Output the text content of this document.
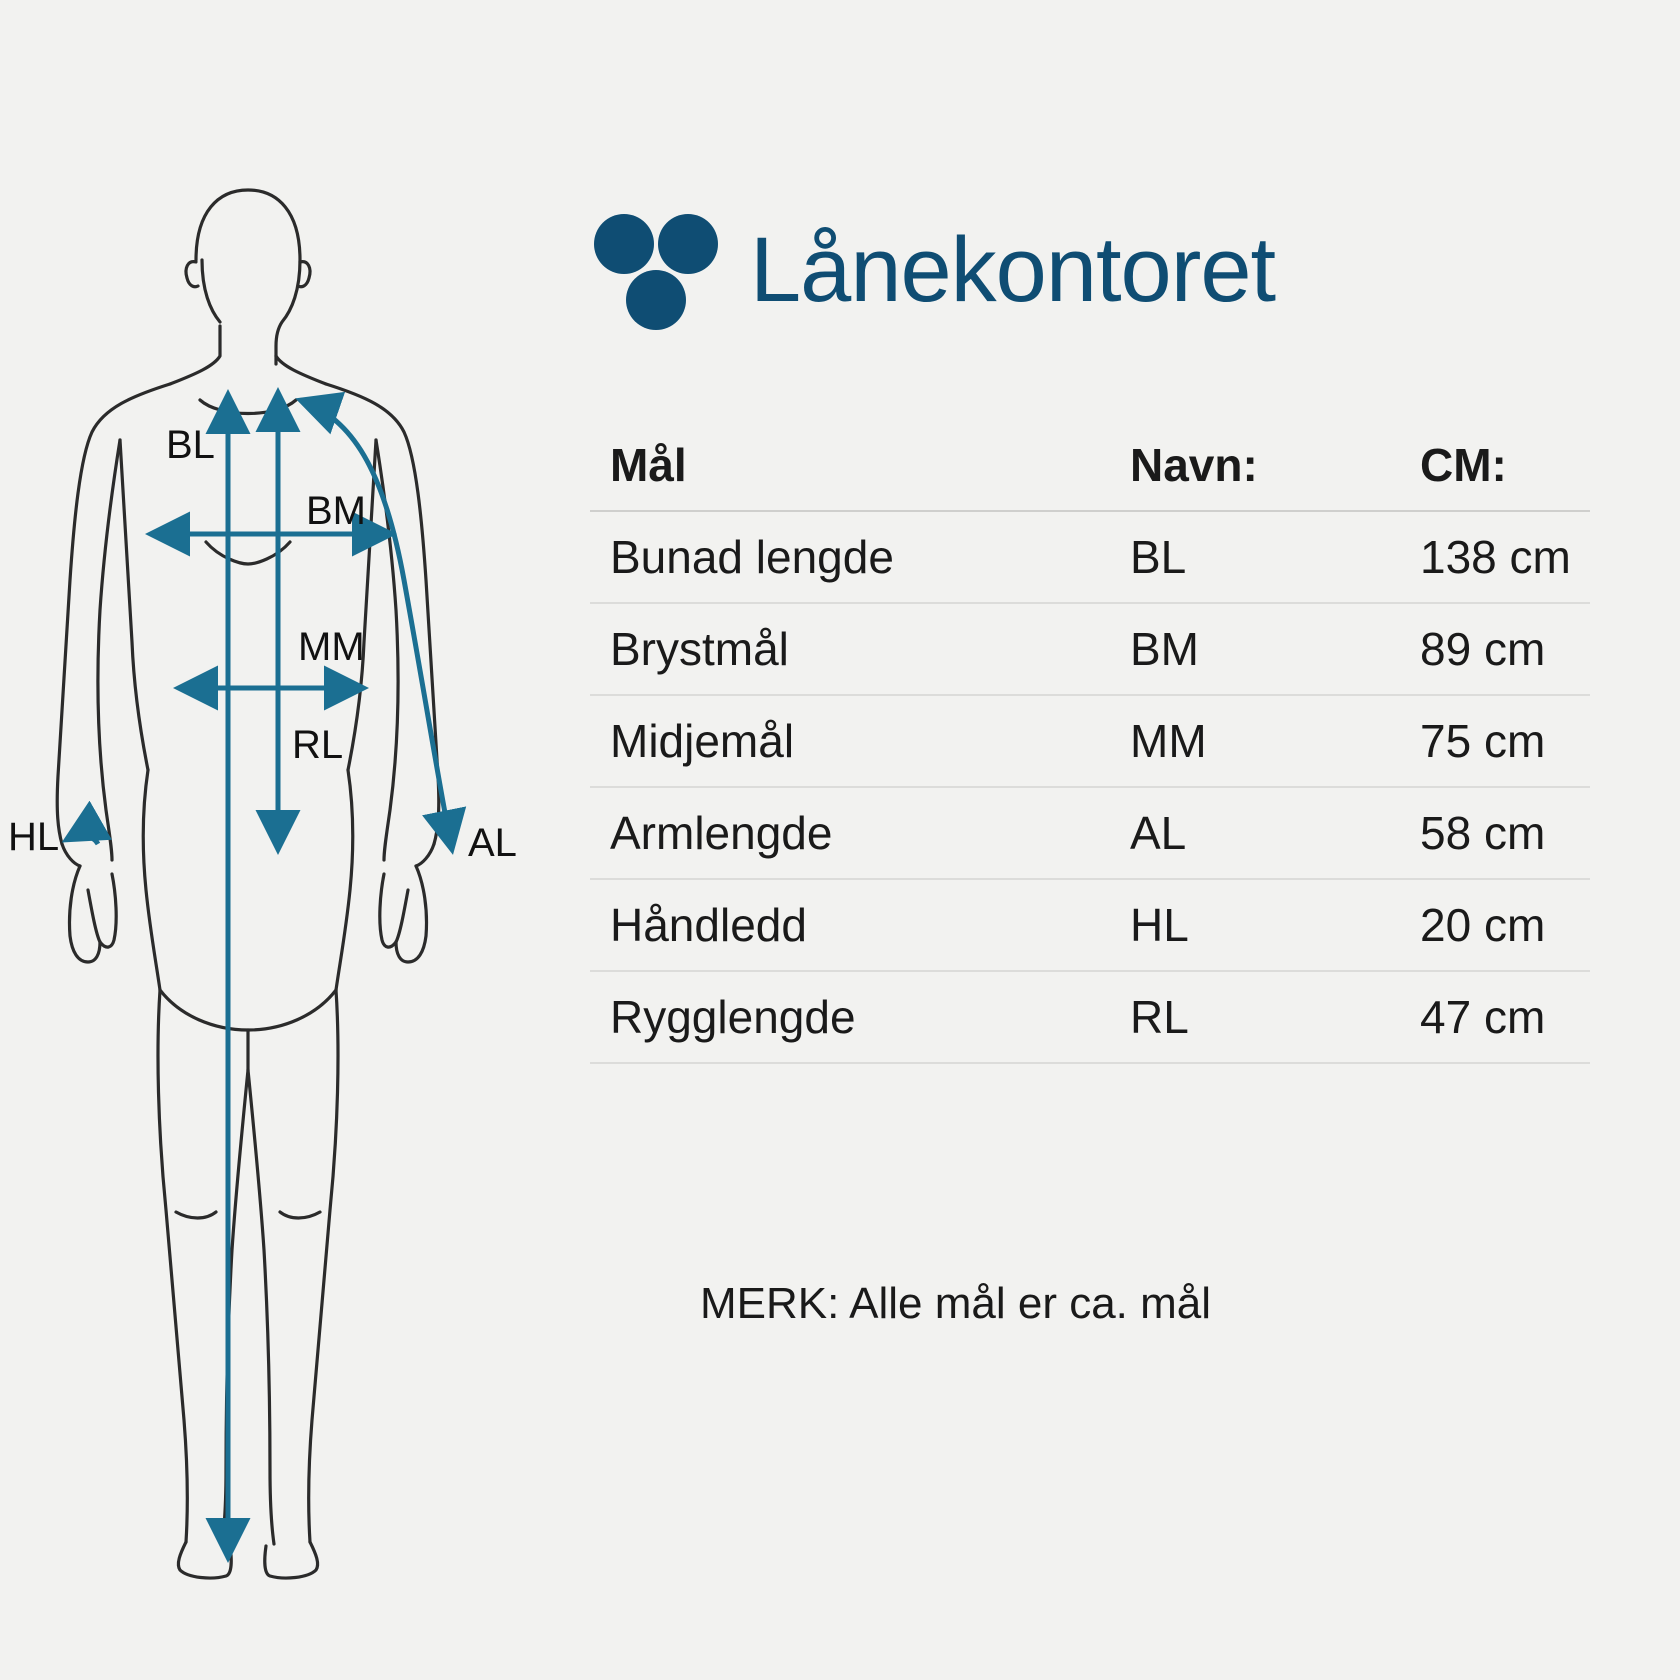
BL
BM
MM
RL
AL
HL
Lånekontoret
Mål	Navn:	CM:
Bunad lengde	BL	138 cm
Brystmål	BM	89 cm
Midjemål	MM	75 cm
Armlengde	AL	58 cm
Håndledd	HL	20 cm
Rygglengde	RL	47 cm
MERK: Alle mål er ca. mål
